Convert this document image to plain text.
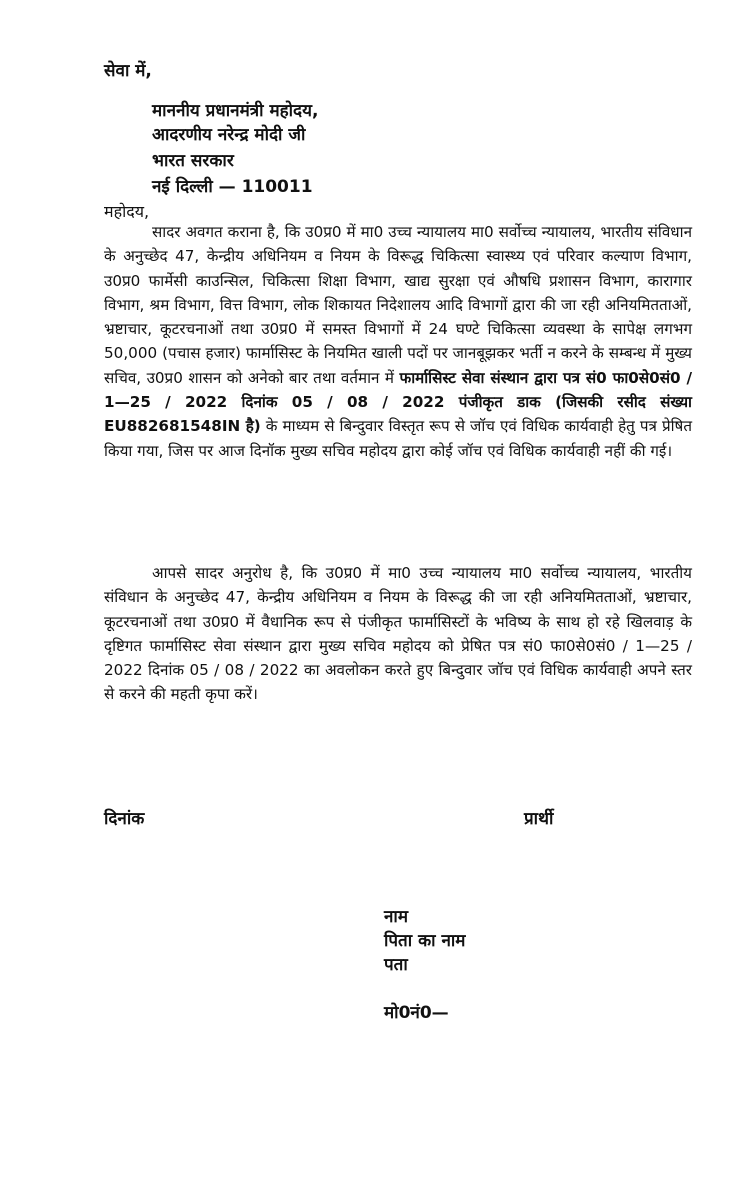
सेवा में,
माननीय प्रधानमंत्री महोदय,
आदरणीय नरेन्द्र मोदी जी
भारत सरकार
नई दिल्ली — 110011
महोदय,
सादर अवगत कराना है, कि उ0प्र0 में मा0 उच्च न्यायालय मा0 सर्वोच्च न्यायालय, भारतीय संविधान के अनुच्छेद 47, केन्द्रीय अधिनियम व नियम के विरूद्ध चिकित्सा स्वास्थ्य एवं परिवार कल्याण विभाग, उ0प्र0 फार्मेसी काउन्सिल, चिकित्सा शिक्षा विभाग, खाद्य सुरक्षा एवं औषधि प्रशासन विभाग, कारागार विभाग, श्रम विभाग, वित्त विभाग, लोक शिकायत निदेशालय आदि विभागों द्वारा की जा रही अनियमितताओं, भ्रष्टाचार, कूटरचनाओं तथा उ0प्र0 में समस्त विभागों में 24 घण्टे चिकित्सा व्यवस्था के सापेक्ष लगभग 50,000 (पचास हजार) फार्मासिस्ट के नियमित खाली पदों पर जानबूझकर भर्ती न करने के सम्बन्ध में मुख्य सचिव, उ0प्र0 शासन को अनेको बार तथा वर्तमान में फार्मासिस्ट सेवा संस्थान द्वारा पत्र सं0 फा0से0सं0 / 1—25 / 2022 दिनांक 05 / 08 / 2022 पंजीकृत डाक (जिसकी रसीद संख्या EU882681548IN है) के माध्यम से बिन्दुवार विस्तृत रूप से जॉच एवं विधिक कार्यवाही हेतु पत्र प्रेषित किया गया, जिस पर आज दिनॉक मुख्य सचिव महोदय द्वारा कोई जॉच एवं विधिक कार्यवाही नहीं की गई।
आपसे सादर अनुरोध है, कि उ0प्र0 में मा0 उच्च न्यायालय मा0 सर्वोच्च न्यायालय, भारतीय संविधान के अनुच्छेद 47, केन्द्रीय अधिनियम व नियम के विरूद्ध की जा रही अनियमितताओं, भ्रष्टाचार, कूटरचनाओं तथा उ0प्र0 में वैधानिक रूप से पंजीकृत फार्मासिस्टों के भविष्य के साथ हो रहे खिलवाड़ के दृष्टिगत फार्मासिस्ट सेवा संस्थान द्वारा मुख्य सचिव महोदय को प्रेषित पत्र सं0 फा0से0सं0 / 1—25 / 2022 दिनांक 05 / 08 / 2022 का अवलोकन करते हुए बिन्दुवार जॉच एवं विधिक कार्यवाही अपने स्तर से करने की महती कृपा करें।
दिनांक	प्रार्थी
नाम
पिता का नाम
पता
मो0नं0—
